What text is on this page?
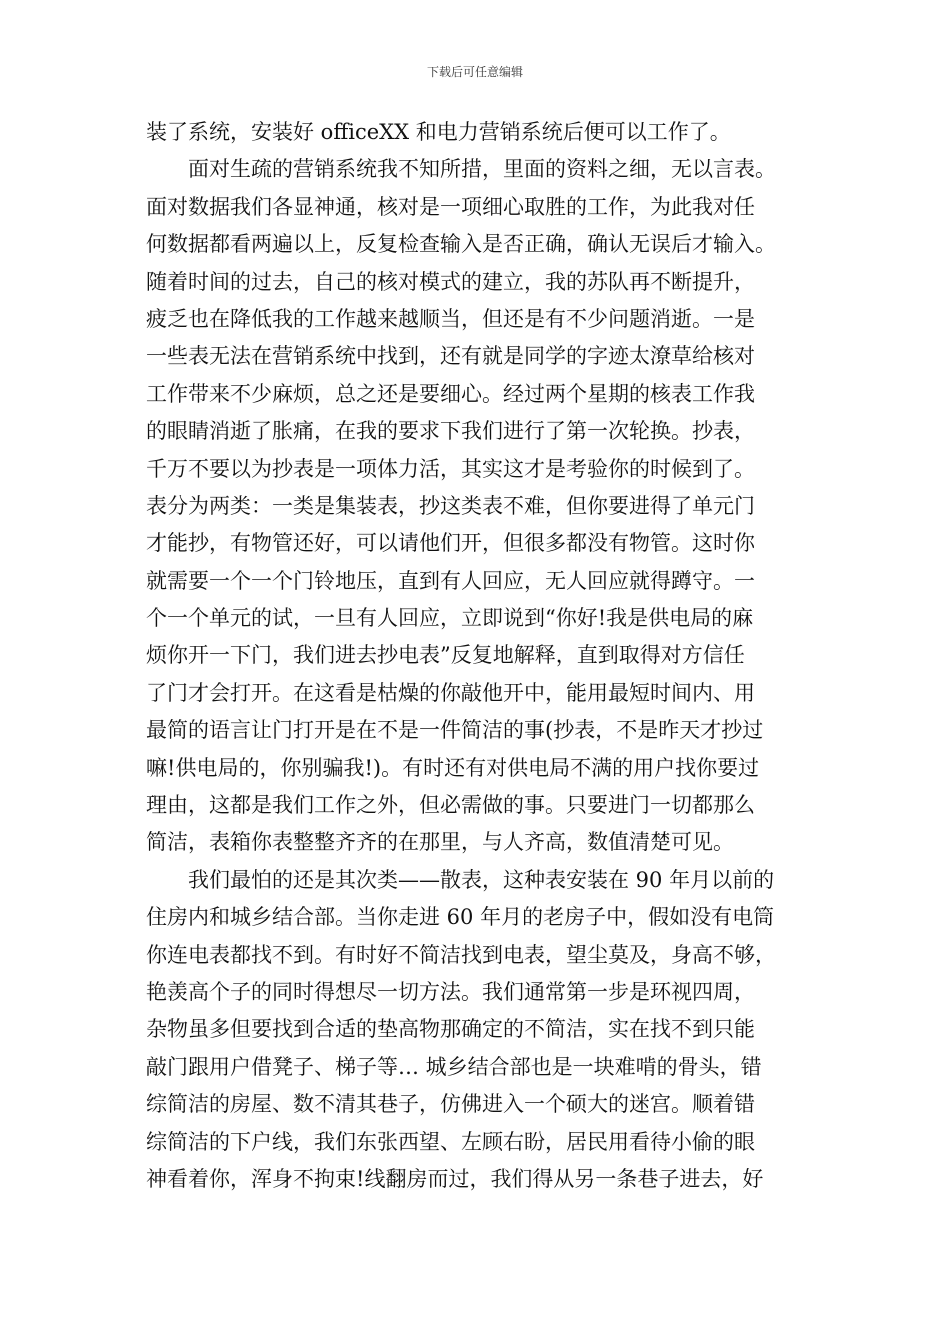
下载后可任意编辑
装了系统，安装好 officeXX 和电力营销系统后便可以工作了。
面对生疏的营销系统我不知所措，里面的资料之细，无以言表。
面对数据我们各显神通，核对是一项细心取胜的工作，为此我对任
何数据都看两遍以上，反复检查输入是否正确，确认无误后才输入。
随着时间的过去，自己的核对模式的建立，我的苏队再不断提升，
疲乏也在降低我的工作越来越顺当，但还是有不少问题消逝。一是
一些表无法在营销系统中找到，还有就是同学的字迹太潦草给核对
工作带来不少麻烦，总之还是要细心。经过两个星期的核表工作我
的眼睛消逝了胀痛，在我的要求下我们进行了第一次轮换。抄表，
千万不要以为抄表是一项体力活，其实这才是考验你的时候到了。
表分为两类：一类是集装表，抄这类表不难，但你要进得了单元门
才能抄，有物管还好，可以请他们开，但很多都没有物管。这时你
就需要一个一个门铃地压，直到有人回应，无人回应就得蹲守。一
个一个单元的试，一旦有人回应，立即说到“你好!我是供电局的麻
烦你开一下门，我们进去抄电表”反复地解释，直到取得对方信任
了门才会打开。在这看是枯燥的你敲他开中，能用最短时间内、用
最简的语言让门打开是在不是一件简洁的事(抄表，不是昨天才抄过
嘛!供电局的，你别骗我!)。有时还有对供电局不满的用户找你要过
理由，这都是我们工作之外，但必需做的事。只要进门一切都那么
简洁，表箱你表整整齐齐的在那里，与人齐高，数值清楚可见。
我们最怕的还是其次类——散表，这种表安装在 90 年月以前的
住房内和城乡结合部。当你走进 60 年月的老房子中，假如没有电筒
你连电表都找不到。有时好不简洁找到电表，望尘莫及，身高不够，
艳羡高个子的同时得想尽一切方法。我们通常第一步是环视四周，
杂物虽多但要找到合适的垫高物那确定的不简洁，实在找不到只能
敲门跟用户借凳子、梯子等… 城乡结合部也是一块难啃的骨头，错
综简洁的房屋、数不清其巷子，仿佛进入一个硕大的迷宫。顺着错
综简洁的下户线，我们东张西望、左顾右盼，居民用看待小偷的眼
神看着你，浑身不拘束!线翻房而过，我们得从另一条巷子进去，好
